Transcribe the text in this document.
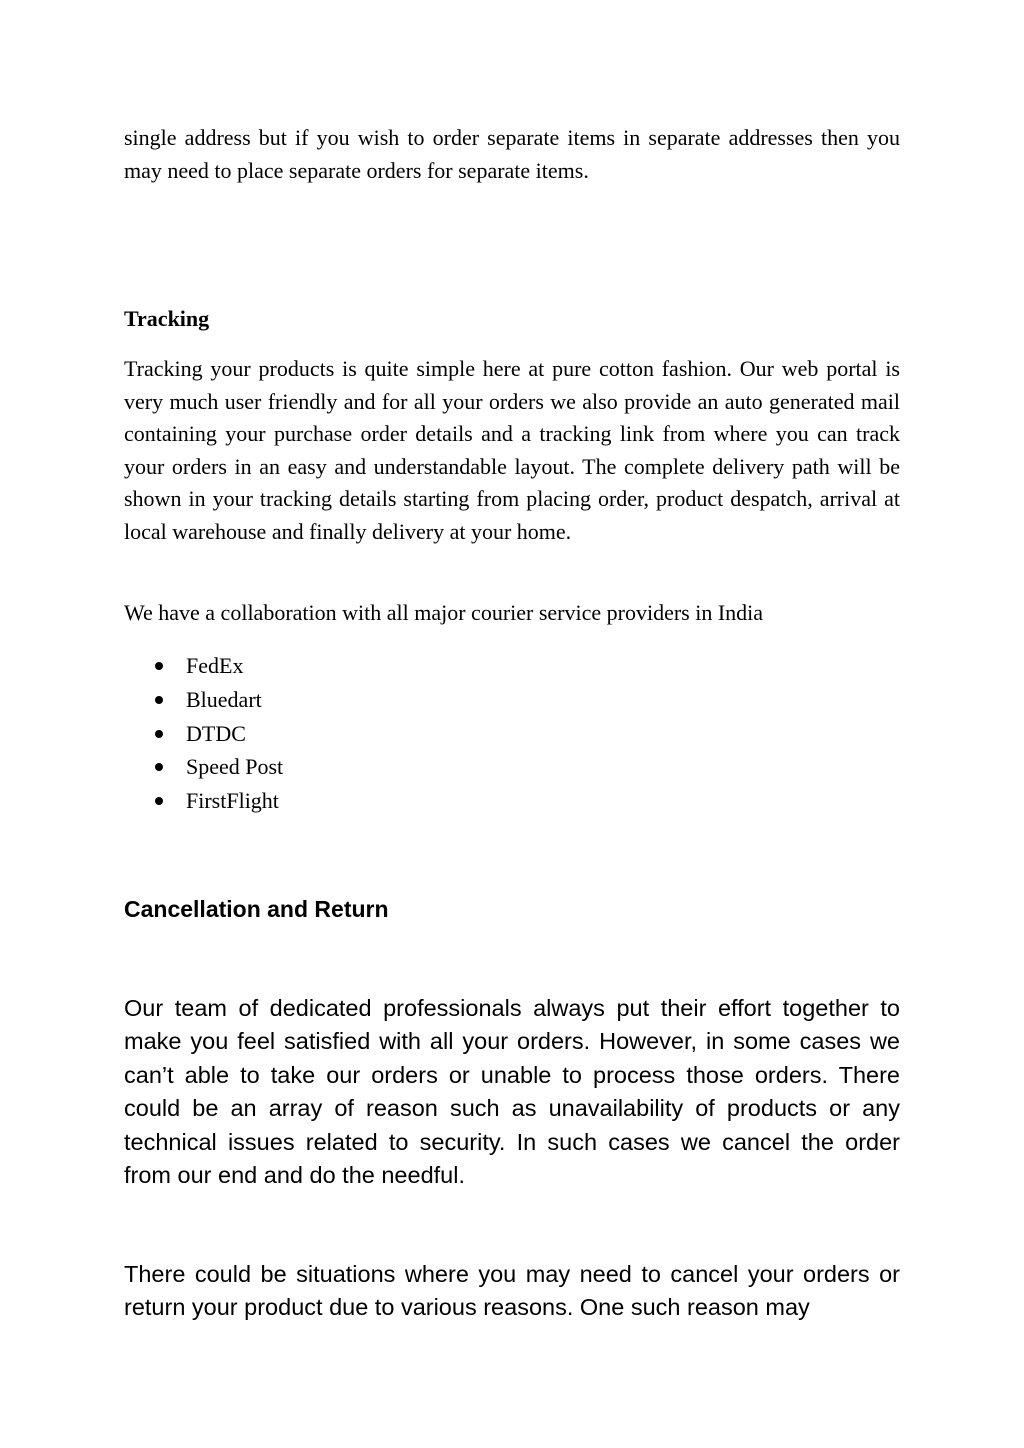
single address but if you wish to order separate items in separate addresses then you may need to place separate orders for separate items.

Tracking

Tracking your products is quite simple here at pure cotton fashion. Our web portal is very much user friendly and for all your orders we also provide an auto generated mail containing your purchase order details and a tracking link from where you can track your orders in an easy and understandable layout. The complete delivery path will be shown in your tracking details starting from placing order, product despatch, arrival at local warehouse and finally delivery at your home.

We have a collaboration with all major courier service providers in India

FedEx
Bluedart
DTDC
Speed Post
FirstFlight
Cancellation and Return

Our team of dedicated professionals always put their effort together to make you feel satisfied with all your orders. However, in some cases we can’t able to take our orders or unable to process those orders. There could be an array of reason such as unavailability of products or any technical issues related to security. In such cases we cancel the order from our end and do the needful.

There could be situations where you may need to cancel your orders or return your product due to various reasons. One such reason may
